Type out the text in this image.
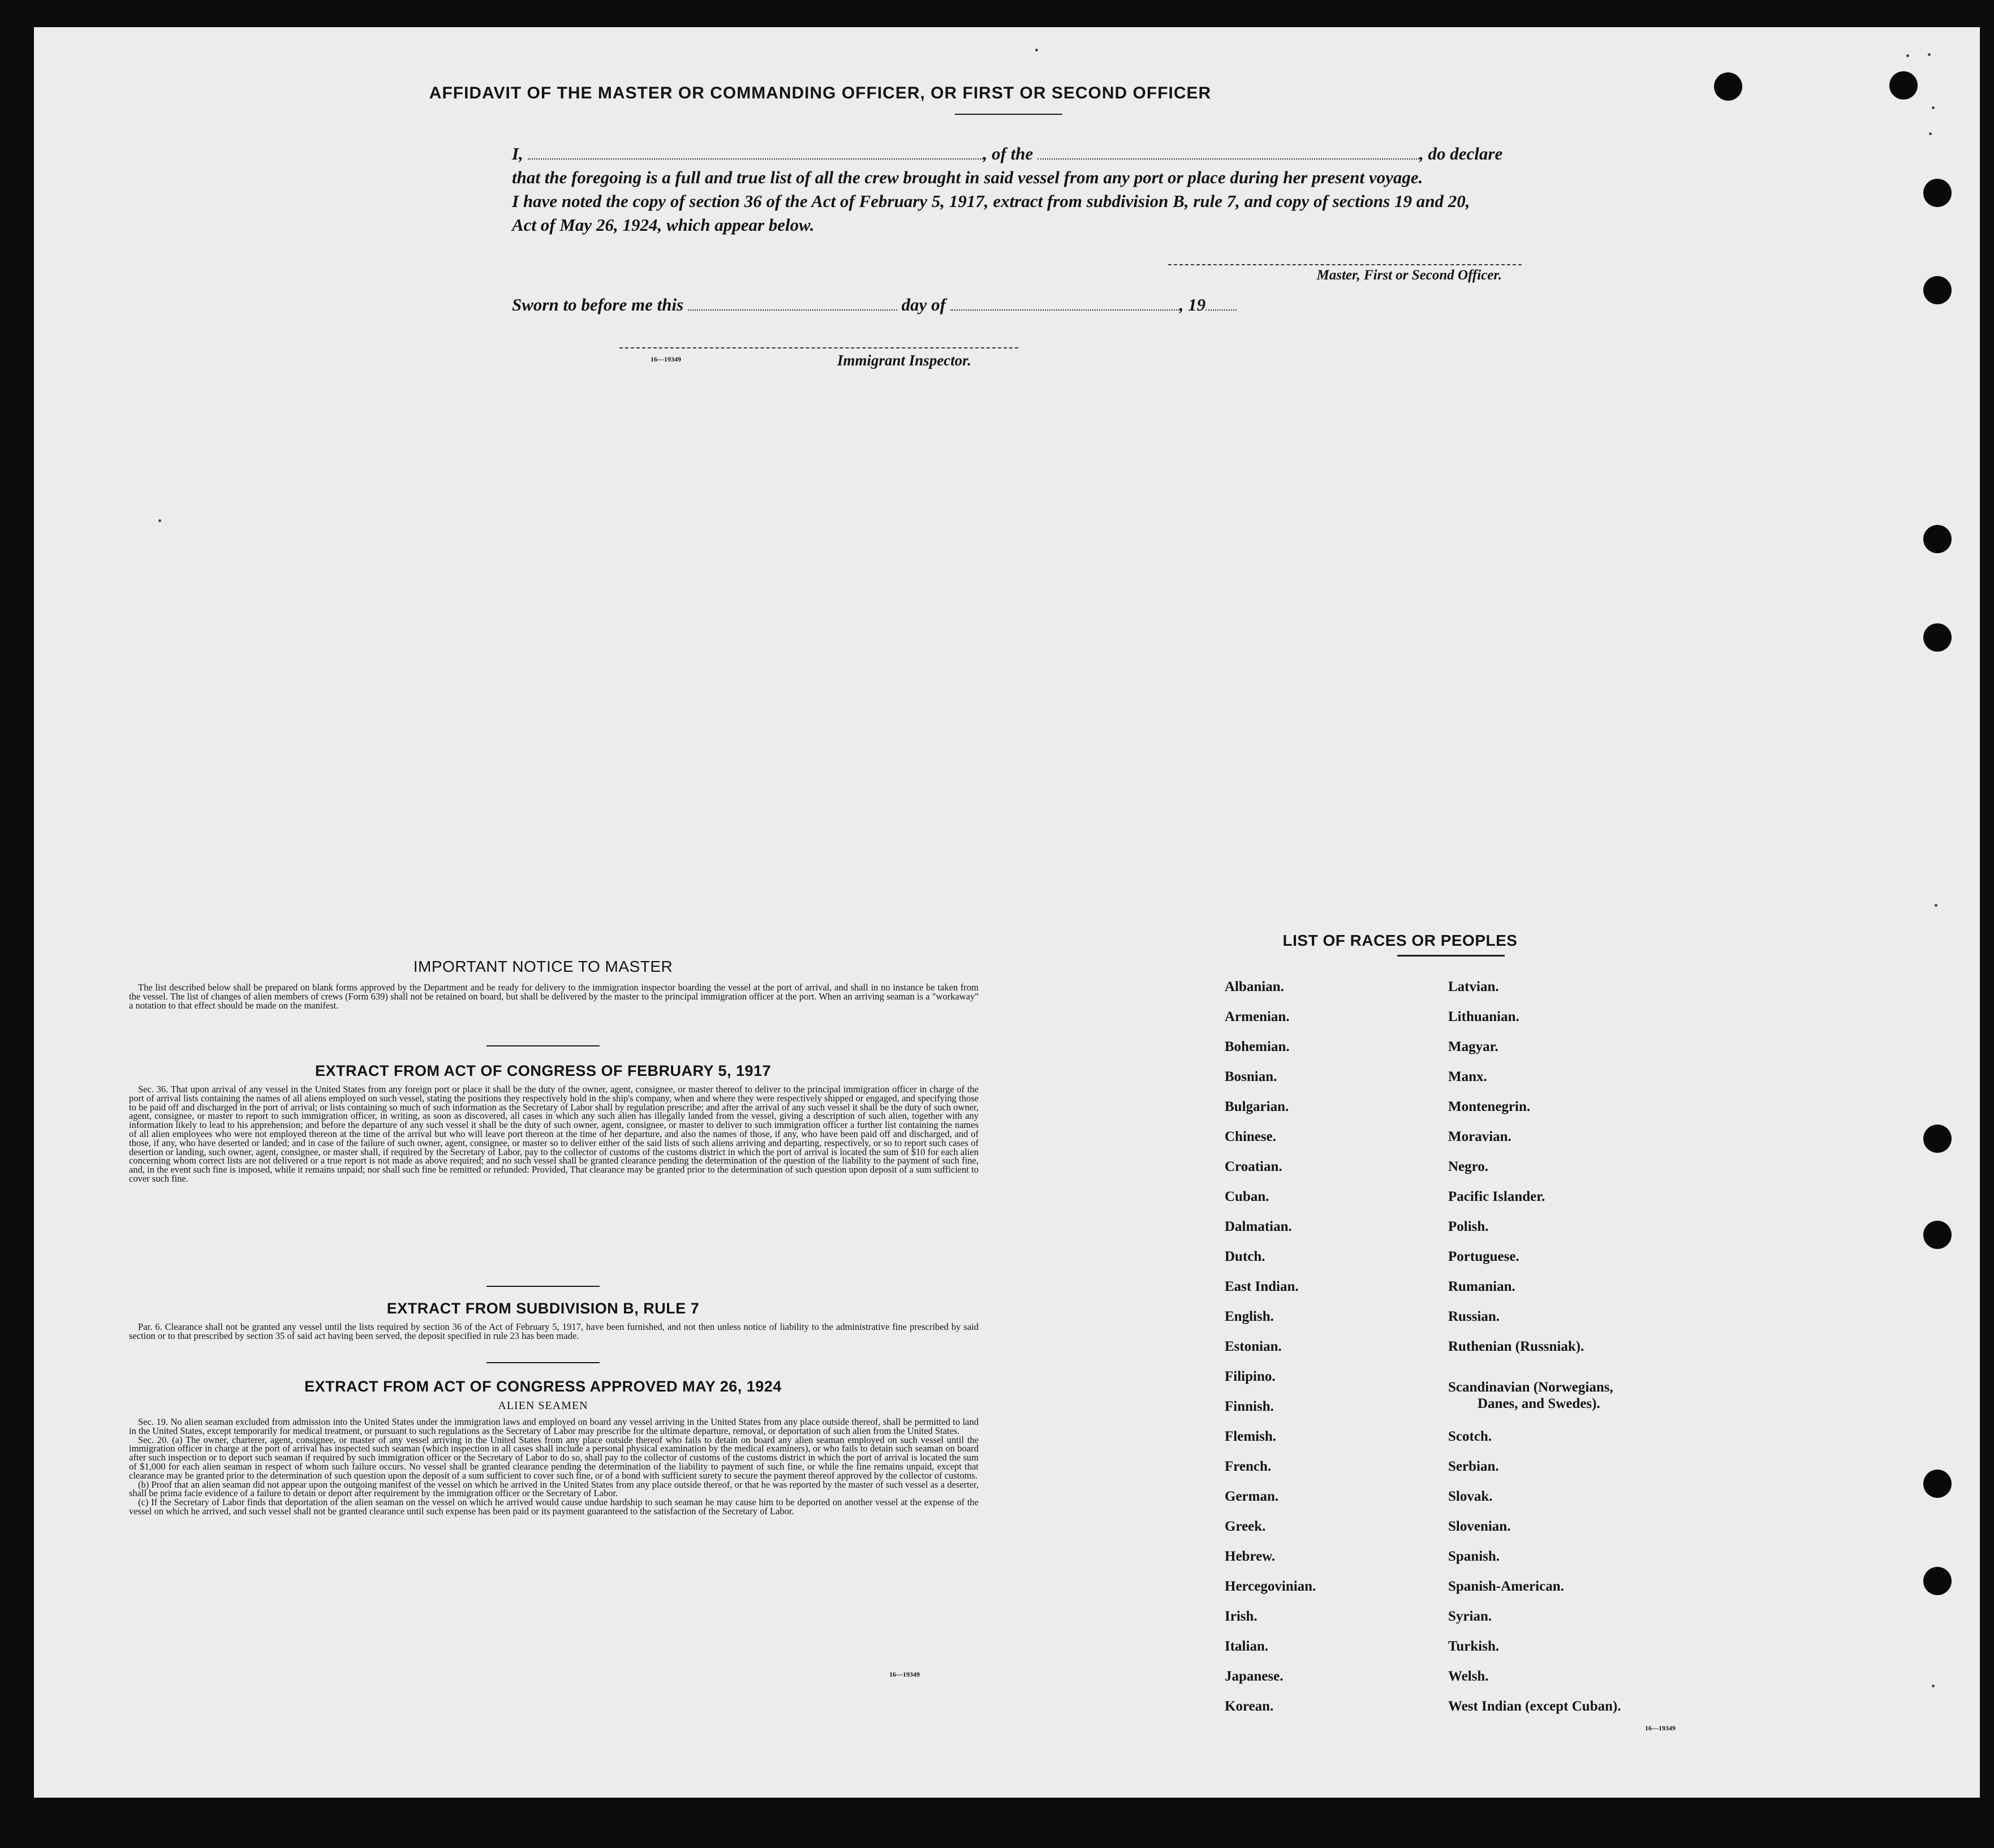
AFFIDAVIT OF THE MASTER OR COMMANDING OFFICER, OR FIRST OR SECOND OFFICER
I,	, of the	, do declare
that the foregoing is a full and true list of all the crew brought in said vessel from any port or place during her present voyage.
I have noted the copy of section 36 of the Act of February 5, 1917, extract from subdivision B, rule 7, and copy of sections 19 and 20,
Act of May 26, 1924, which appear below.
Master, First or Second Officer.
Sworn to before me this	day of	, 19
16—19349	Immigrant Inspector.
IMPORTANT NOTICE TO MASTER

The list described below shall be prepared on blank forms approved by the Department and be ready for delivery to the immigration inspector boarding the vessel at the port of arrival, and shall in no instance be taken from the vessel. The list of changes of alien members of crews (Form 639) shall not be retained on board, but shall be delivered by the master to the principal immigration officer at the port. When an arriving seaman is a "workaway" a notation to that effect should be made on the manifest.

EXTRACT FROM ACT OF CONGRESS OF FEBRUARY 5, 1917

Sec. 36. That upon arrival of any vessel in the United States from any foreign port or place it shall be the duty of the owner, agent, consignee, or master thereof to deliver to the principal immigration officer in charge of the port of arrival lists containing the names of all aliens employed on such vessel, stating the positions they respectively hold in the ship's company, when and where they were respectively shipped or engaged, and specifying those to be paid off and discharged in the port of arrival; or lists containing so much of such information as the Secretary of Labor shall by regulation prescribe; and after the arrival of any such vessel it shall be the duty of such owner, agent, consignee, or master to report to such immigration officer, in writing, as soon as discovered, all cases in which any such alien has illegally landed from the vessel, giving a description of such alien, together with any information likely to lead to his apprehension; and before the departure of any such vessel it shall be the duty of such owner, agent, consignee, or master to deliver to such immigration officer a further list containing the names of all alien employees who were not employed thereon at the time of the arrival but who will leave port thereon at the time of her departure, and also the names of those, if any, who have been paid off and discharged, and of those, if any, who have deserted or landed; and in case of the failure of such owner, agent, consignee, or master so to deliver either of the said lists of such aliens arriving and departing, respectively, or so to report such cases of desertion or landing, such owner, agent, consignee, or master shall, if required by the Secretary of Labor, pay to the collector of customs of the customs district in which the port of arrival is located the sum of $10 for each alien concerning whom correct lists are not delivered or a true report is not made as above required; and no such vessel shall be granted clearance pending the determination of the question of the liability to the payment of such fine, and, in the event such fine is imposed, while it remains unpaid; nor shall such fine be remitted or refunded: Provided, That clearance may be granted prior to the determination of such question upon deposit of a sum sufficient to cover such fine.

EXTRACT FROM SUBDIVISION B, RULE 7

Par. 6. Clearance shall not be granted any vessel until the lists required by section 36 of the Act of February 5, 1917, have been furnished, and not then unless notice of liability to the administrative fine prescribed by said section or to that prescribed by section 35 of said act having been served, the deposit specified in rule 23 has been made.

EXTRACT FROM ACT OF CONGRESS APPROVED MAY 26, 1924
ALIEN SEAMEN

Sec. 19. No alien seaman excluded from admission into the United States under the immigration laws and employed on board any vessel arriving in the United States from any place outside thereof, shall be permitted to land in the United States, except temporarily for medical treatment, or pursuant to such regulations as the Secretary of Labor may prescribe for the ultimate departure, removal, or deportation of such alien from the United States.

Sec. 20. (a) The owner, charterer, agent, consignee, or master of any vessel arriving in the United States from any place outside thereof who fails to detain on board any alien seaman employed on such vessel until the immigration officer in charge at the port of arrival has inspected such seaman (which inspection in all cases shall include a personal physical examination by the medical examiners), or who fails to detain such seaman on board after such inspection or to deport such seaman if required by such immigration officer or the Secretary of Labor to do so, shall pay to the collector of customs of the customs district in which the port of arrival is located the sum of $1,000 for each alien seaman in respect of whom such failure occurs. No vessel shall be granted clearance pending the determination of the liability to payment of such fine, or while the fine remains unpaid, except that clearance may be granted prior to the determination of such question upon the deposit of a sum sufficient to cover such fine, or of a bond with sufficient surety to secure the payment thereof approved by the collector of customs.

(b) Proof that an alien seaman did not appear upon the outgoing manifest of the vessel on which he arrived in the United States from any place outside thereof, or that he was reported by the master of such vessel as a deserter, shall be prima facie evidence of a failure to detain or deport after requirement by the immigration officer or the Secretary of Labor.

(c) If the Secretary of Labor finds that deportation of the alien seaman on the vessel on which he arrived would cause undue hardship to such seaman he may cause him to be deported on another vessel at the expense of the vessel on which he arrived, and such vessel shall not be granted clearance until such expense has been paid or its payment guaranteed to the satisfaction of the Secretary of Labor.

16—19349
LIST OF RACES OR PEOPLES
Albanian.
Armenian.
Bohemian.
Bosnian.
Bulgarian.
Chinese.
Croatian.
Cuban.
Dalmatian.
Dutch.
East Indian.
English.
Estonian.
Filipino.
Finnish.
Flemish.
French.
German.
Greek.
Hebrew.
Hercegovinian.
Irish.
Italian.
Japanese.
Korean.
Latvian.
Lithuanian.
Magyar.
Manx.
Montenegrin.
Moravian.
Negro.
Pacific Islander.
Polish.
Portuguese.
Rumanian.
Russian.
Ruthenian (Russniak).
Scandinavian (Norwegians,
Danes, and Swedes).
Scotch.
Serbian.
Slovak.
Slovenian.
Spanish.
Spanish-American.
Syrian.
Turkish.
Welsh.
West Indian (except Cuban).
16—19349
